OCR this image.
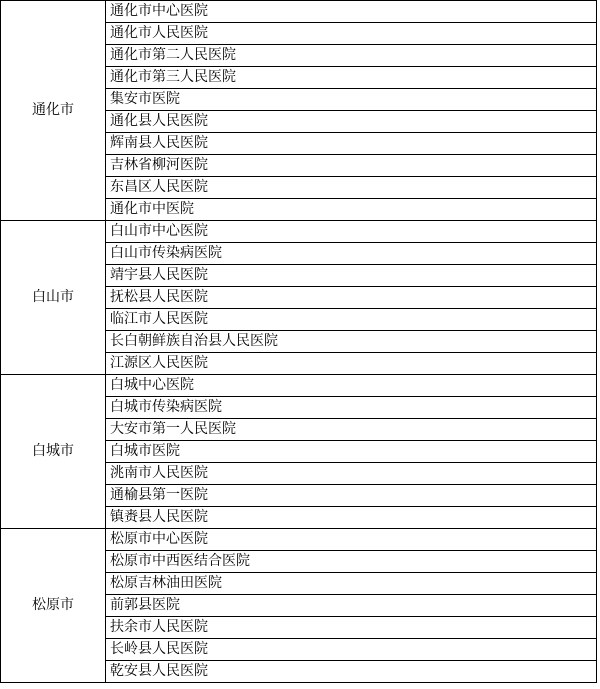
通化市	通化市中心医院
	通化市人民医院
	通化市第二人民医院
	通化市第三人民医院
	集安市医院
	通化县人民医院
	辉南县人民医院
	吉林省柳河医院
	东昌区人民医院
	通化市中医院
白山市	白山市中心医院
	白山市传染病医院
	靖宇县人民医院
	抚松县人民医院
	临江市人民医院
	长白朝鲜族自治县人民医院
	江源区人民医院
白城市	白城中心医院
	白城市传染病医院
	大安市第一人民医院
	白城市医院
	洮南市人民医院
	通榆县第一医院
	镇赉县人民医院
松原市	松原市中心医院
	松原市中西医结合医院
	松原吉林油田医院
	前郭县医院
	扶余市人民医院
	长岭县人民医院
	乾安县人民医院
